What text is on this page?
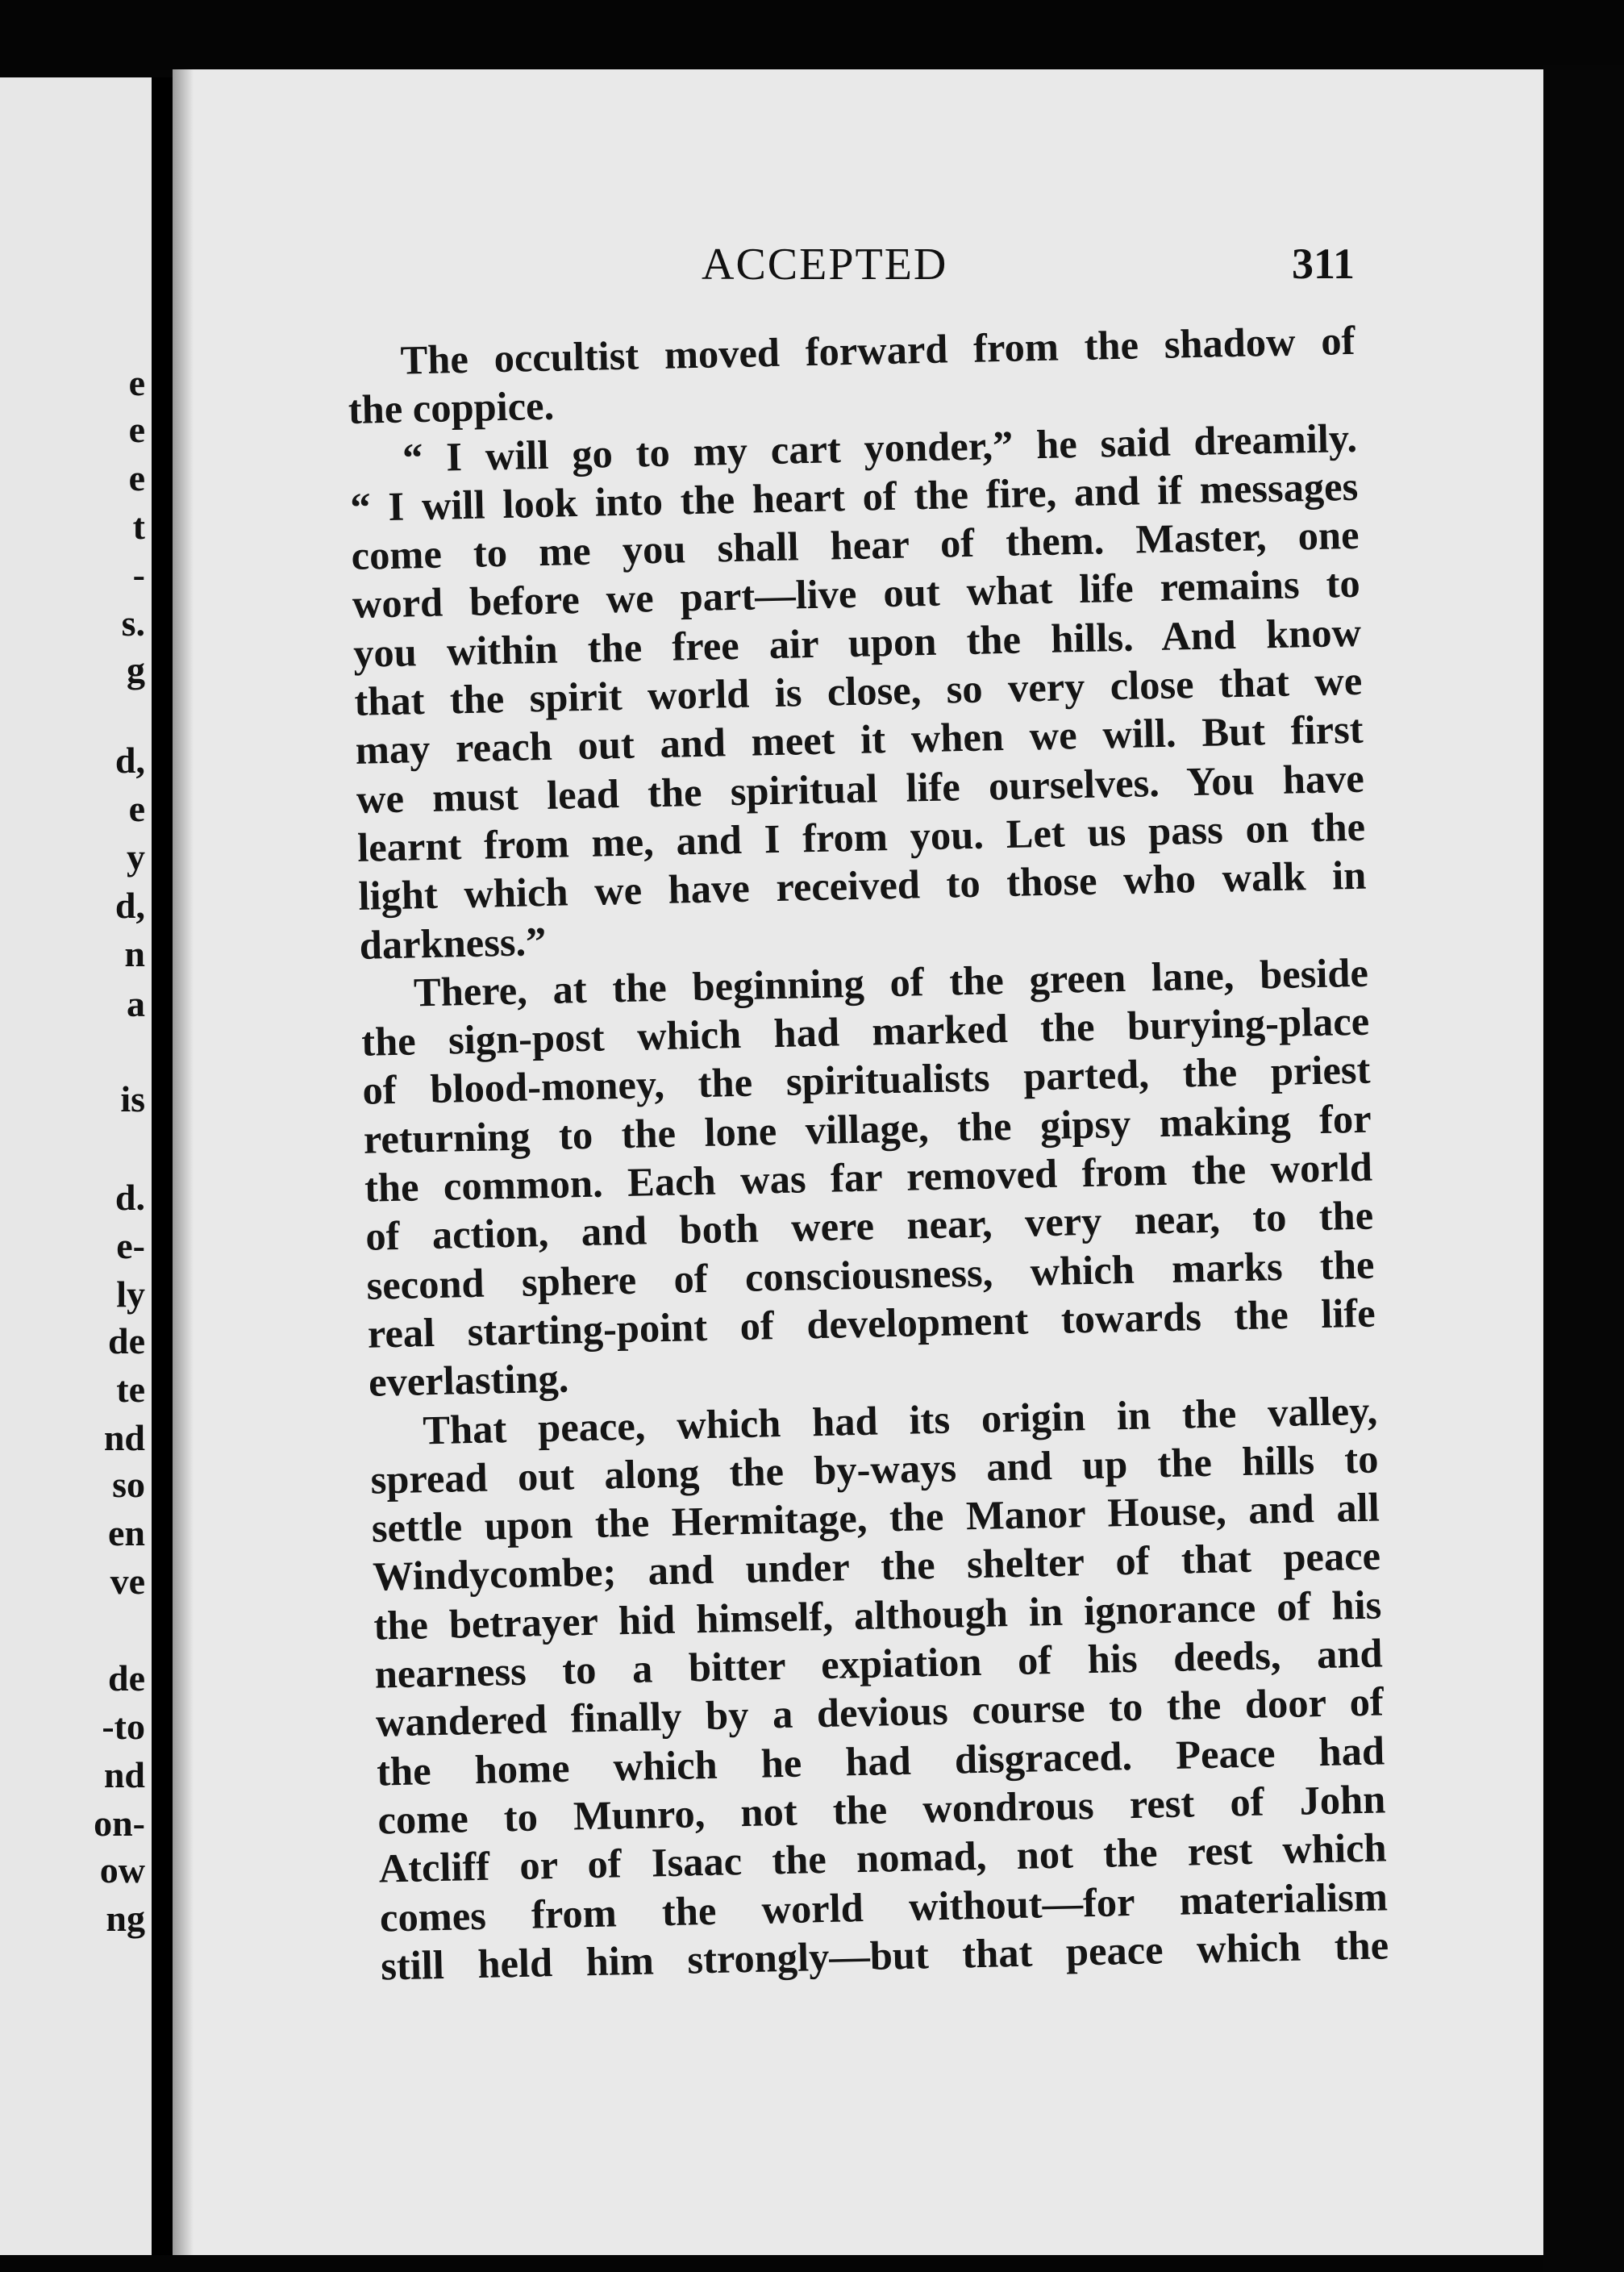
e
e
e
t
-
s.
g
d,
e
y
d,
n
a
is
d.
e-
ly
de
te
nd
so
en
ve
de
-to
nd
on-
ow
ng
ACCEPTED	311
The occultist moved forward from the shadow of
the coppice.
“ I will go to my cart yonder,” he said dreamily.
“ I will look into the heart of the fire, and if messages
come to me you shall hear of them. Master, one
word before we part—live out what life remains to
you within the free air upon the hills. And know
that the spirit world is close, so very close that we
may reach out and meet it when we will. But first
we must lead the spiritual life ourselves. You have
learnt from me, and I from you. Let us pass on the
light which we have received to those who walk in
darkness.”
There, at the beginning of the green lane, beside
the sign-post which had marked the burying-place
of blood-money, the spiritualists parted, the priest
returning to the lone village, the gipsy making for
the common. Each was far removed from the world
of action, and both were near, very near, to the
second sphere of consciousness, which marks the
real starting-point of development towards the life
everlasting.
That peace, which had its origin in the valley,
spread out along the by-ways and up the hills to
settle upon the Hermitage, the Manor House, and all
Windycombe; and under the shelter of that peace
the betrayer hid himself, although in ignorance of his
nearness to a bitter expiation of his deeds, and
wandered finally by a devious course to the door of
the home which he had disgraced. Peace had
come to Munro, not the wondrous rest of John
Atcliff or of Isaac the nomad, not the rest which
comes from the world without—for materialism
still held him strongly—but that peace which the
